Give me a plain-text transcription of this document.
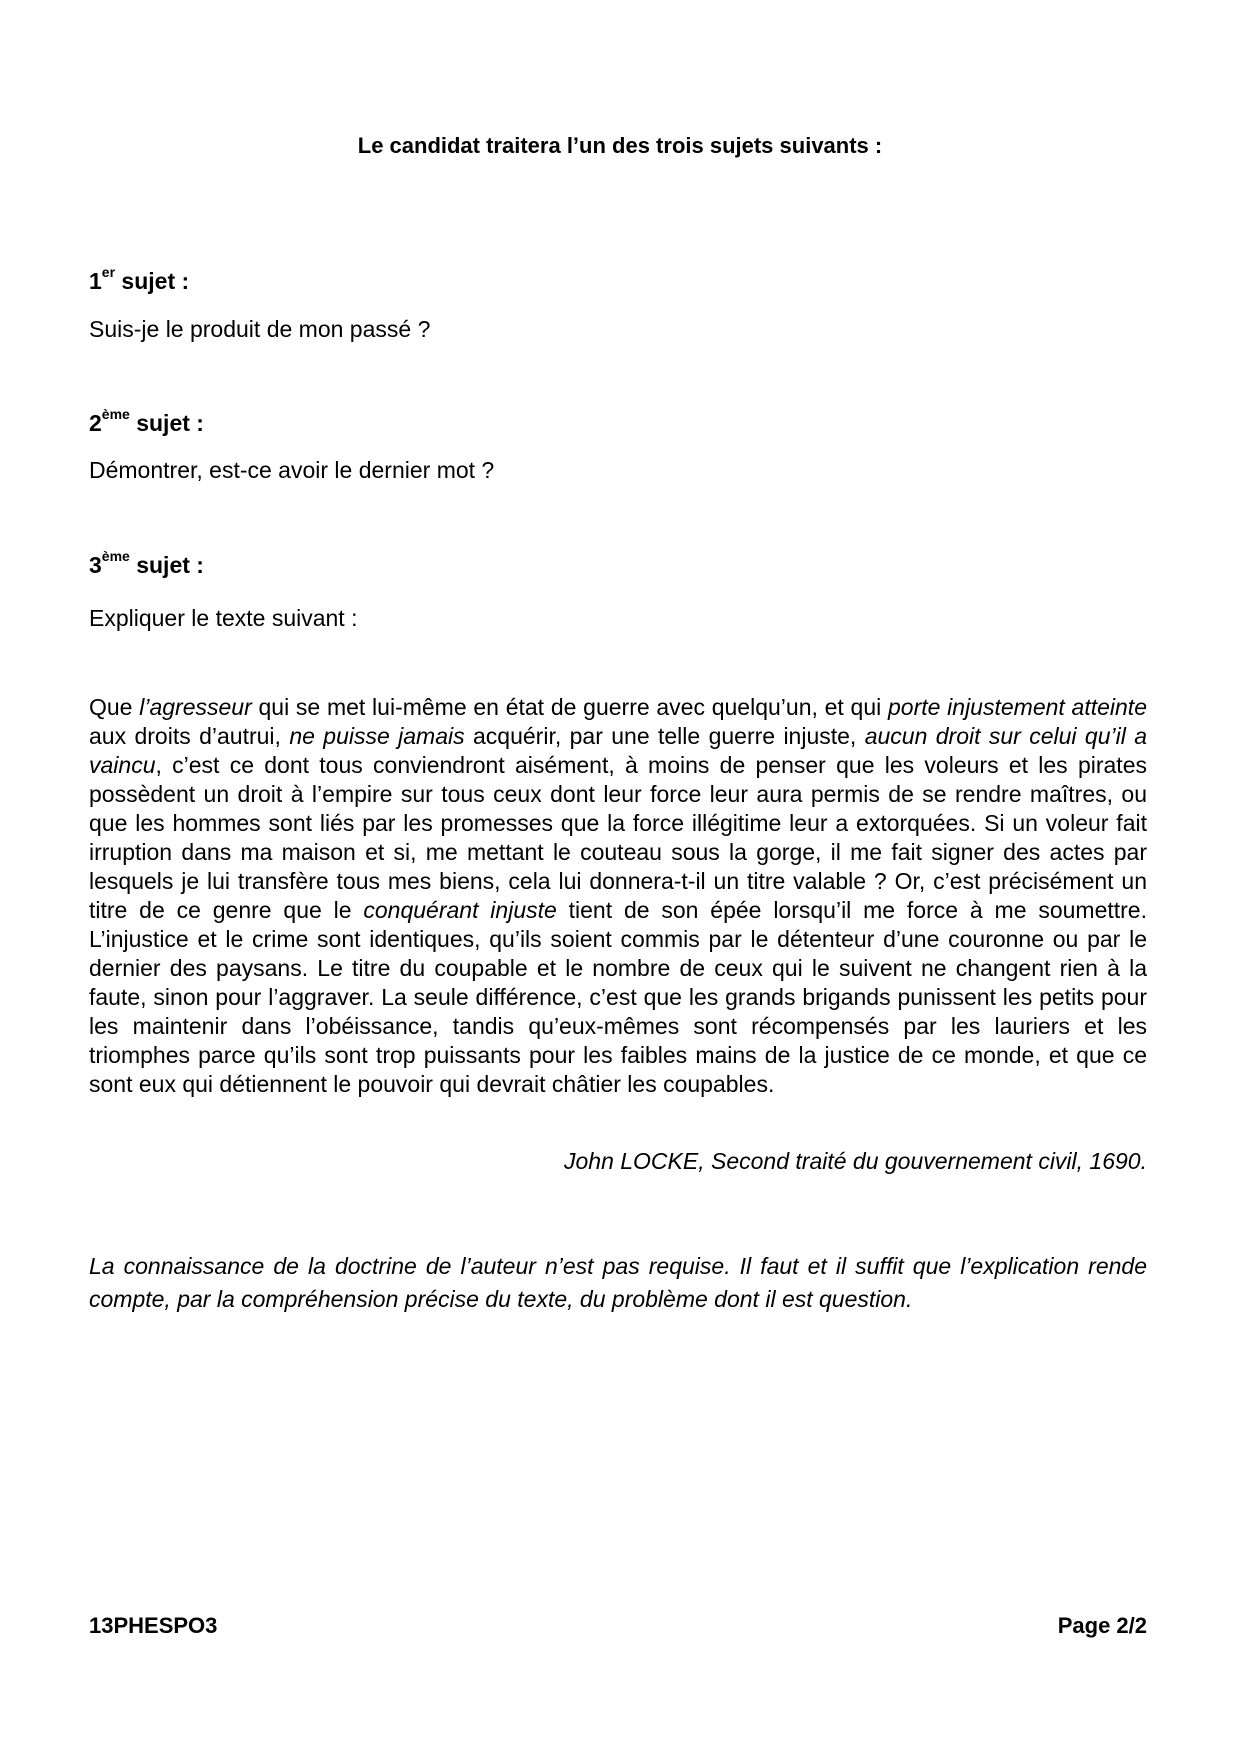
Le candidat traitera l’un des trois sujets suivants :
1er sujet :
Suis-je le produit de mon passé ?
2ème sujet :
Démontrer, est-ce avoir le dernier mot ?
3ème sujet :
Expliquer le texte suivant :
Que l’agresseur qui se met lui-même en état de guerre avec quelqu’un, et qui porte injustement atteinte aux droits d’autrui, ne puisse jamais acquérir, par une telle guerre injuste, aucun droit sur celui qu’il a vaincu, c’est ce dont tous conviendront aisément, à moins de penser que les voleurs et les pirates possèdent un droit à l’empire sur tous ceux dont leur force leur aura permis de se rendre maîtres, ou que les hommes sont liés par les promesses que la force illégitime leur a extorquées. Si un voleur fait irruption dans ma maison et si, me mettant le couteau sous la gorge, il me fait signer des actes par lesquels je lui transfère tous mes biens, cela lui donnera-t-il un titre valable ? Or, c’est précisément un titre de ce genre que le conquérant injuste tient de son épée lorsqu’il me force à me soumettre. L’injustice et le crime sont identiques, qu’ils soient commis par le détenteur d’une couronne ou par le dernier des paysans. Le titre du coupable et le nombre de ceux qui le suivent ne changent rien à la faute, sinon pour l’aggraver. La seule différence, c’est que les grands brigands punissent les petits pour les maintenir dans l’obéissance, tandis qu’eux-mêmes sont récompensés par les lauriers et les triomphes parce qu’ils sont trop puissants pour les faibles mains de la justice de ce monde, et que ce sont eux qui détiennent le pouvoir qui devrait châtier les coupables.
John LOCKE, Second traité du gouvernement civil, 1690.
La connaissance de la doctrine de l’auteur n’est pas requise. Il faut et il suffit que l’explication rende compte, par la compréhension précise du texte, du problème dont il est question.
13PHESPO3	Page 2/2
